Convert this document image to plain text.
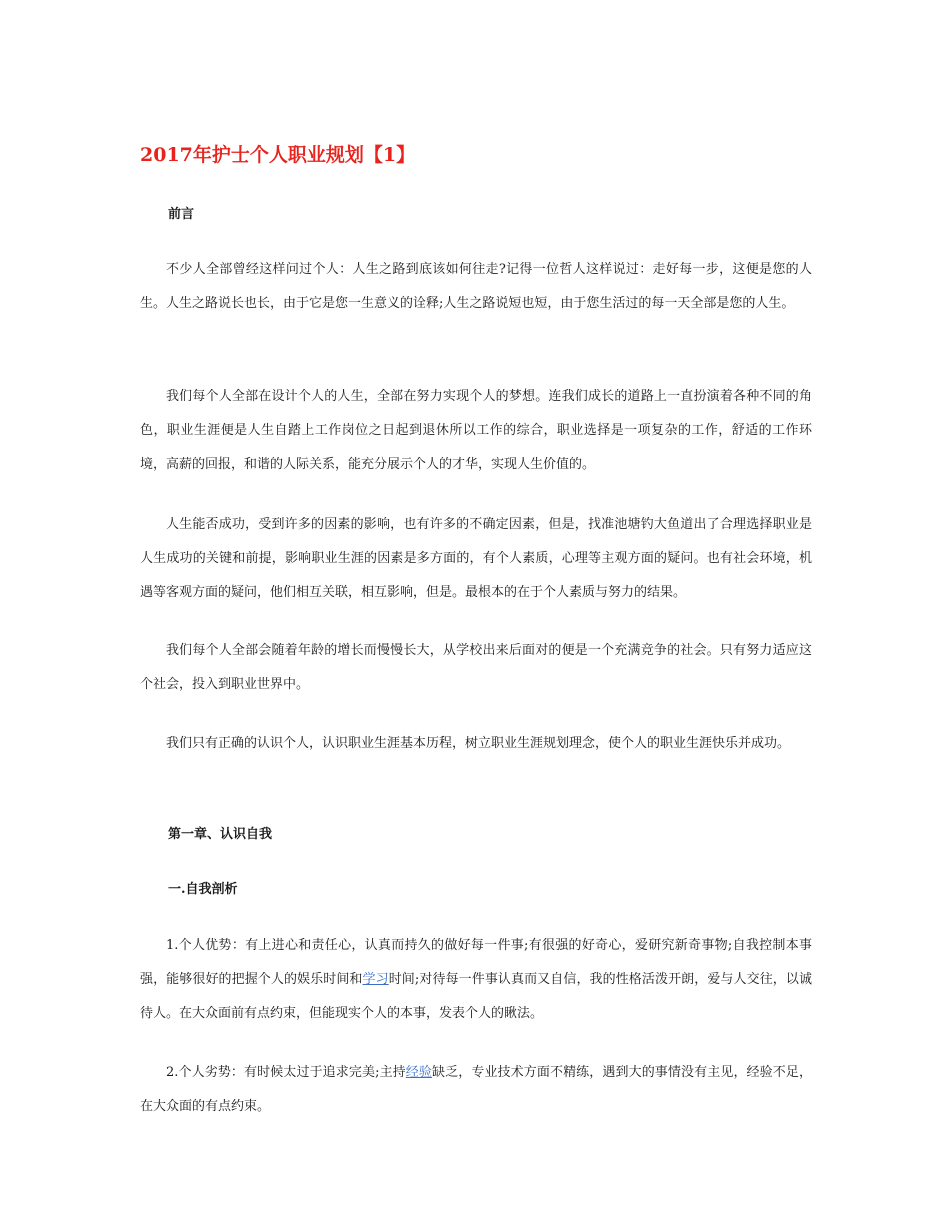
2017年护士个人职业规划【1】
前言

不少人全部曾经这样问过个人：人生之路到底该如何往走?记得一位哲人这样说过：走好每一步，这便是您的人生。人生之路说长也长，由于它是您一生意义的诠释;人生之路说短也短，由于您生活过的每一天全部是您的人生。

我们每个人全部在设计个人的人生，全部在努力实现个人的梦想。连我们成长的道路上一直扮演着各种不同的角色，职业生涯便是人生自踏上工作岗位之日起到退休所以工作的综合，职业选择是一项复杂的工作，舒适的工作环境，高薪的回报，和谐的人际关系，能充分展示个人的才华，实现人生价值的。

人生能否成功，受到许多的因素的影响，也有许多的不确定因素，但是，找准池塘钓大鱼道出了合理选择职业是人生成功的关键和前提，影响职业生涯的因素是多方面的，有个人素质，心理等主观方面的疑问。也有社会环境，机遇等客观方面的疑问，他们相互关联，相互影响，但是。最根本的在于个人素质与努力的结果。

我们每个人全部会随着年龄的增长而慢慢长大，从学校出来后面对的便是一个充满竞争的社会。只有努力适应这个社会，投入到职业世界中。

我们只有正确的认识个人，认识职业生涯基本历程，树立职业生涯规划理念，使个人的职业生涯快乐并成功。

第一章、认识自我
一.自我剖析

1.个人优势：有上进心和责任心，认真而持久的做好每一件事;有很强的好奇心，爱研究新奇事物;自我控制本事强，能够很好的把握个人的娱乐时间和学习时间;对待每一件事认真而又自信，我的性格活泼开朗，爱与人交往，以诚待人。在大众面前有点约束，但能现实个人的本事，发表个人的瞅法。

2.个人劣势：有时候太过于追求完美;主持经验缺乏，专业技术方面不精练，遇到大的事情没有主见，经验不足，在大众面的有点约束。
